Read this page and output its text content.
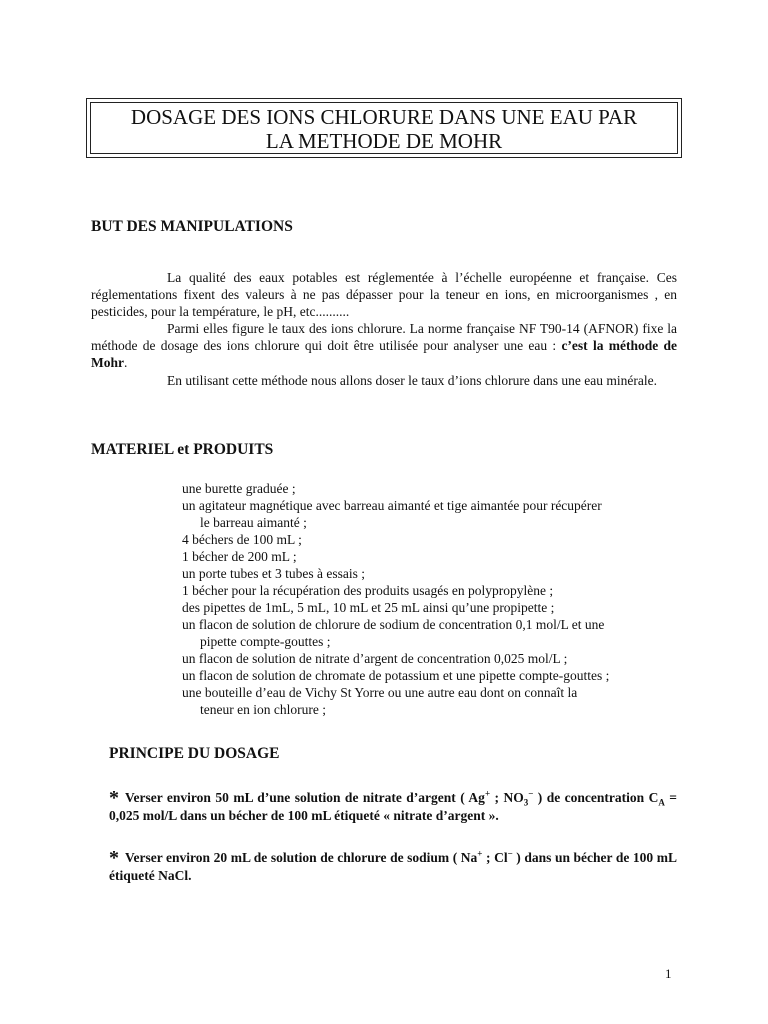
DOSAGE DES IONS CHLORURE DANS UNE EAU PAR
LA METHODE DE MOHR
BUT DES MANIPULATIONS
La qualité des eaux potables est réglementée à l’échelle européenne et française. Ces réglementations fixent des valeurs à ne pas dépasser pour la teneur en ions, en microorganismes , en pesticides, pour la température, le pH, etc..........
Parmi elles figure le taux des ions chlorure. La norme française NF T90-14 (AFNOR) fixe la méthode de dosage des ions chlorure qui doit être utilisée pour analyser une eau : c’est la méthode de Mohr.
En utilisant cette méthode nous allons doser le taux d’ions chlorure dans une eau minérale.
MATERIEL et PRODUITS
une burette graduée ;
un agitateur magnétique avec barreau aimanté et tige aimantée pour récupérer
le barreau aimanté ;
4 béchers de 100 mL ;
1 bécher de 200 mL ;
un porte tubes et 3 tubes à essais ;
1 bécher pour la récupération des produits usagés en polypropylène ;
des pipettes de 1mL, 5 mL, 10 mL et 25 mL ainsi qu’une propipette ;
un flacon de solution de chlorure de sodium de concentration 0,1 mol/L et une
pipette compte-gouttes ;
un flacon de solution de nitrate d’argent de concentration 0,025 mol/L ;
un flacon de solution de chromate de potassium et une pipette compte-gouttes ;
une bouteille d’eau de Vichy St Yorre ou une autre eau dont on connaît la
teneur en ion chlorure ;
PRINCIPE DU DOSAGE
* Verser environ 50 mL d’une solution de nitrate d’argent ( Ag+ ; $NO_3^-$ ) de concentration $C_A = 0,025$ mol/L dans un bécher de 100 mL étiqueté « nitrate d’argent ».
* Verser environ 20 mL de solution de chlorure de sodium ( Na+ ; Cl− ) dans un bécher de 100 mL étiqueté NaCl.
1
